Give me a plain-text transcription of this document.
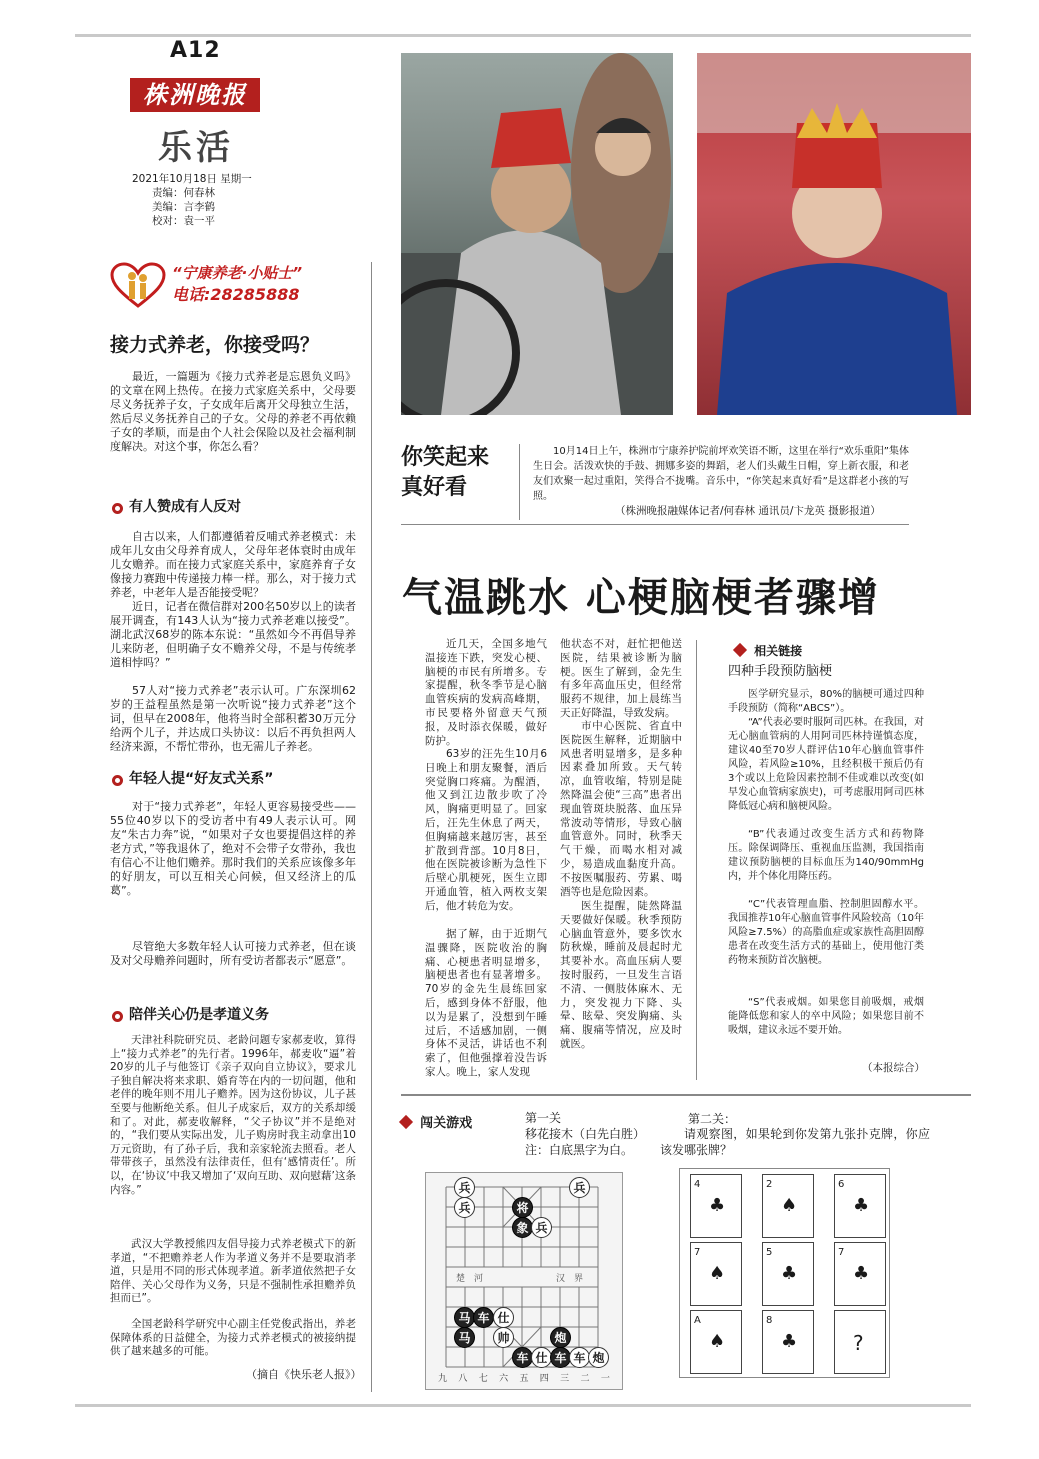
A12
株洲晚报
乐活
2021年10月18日 星期一
责编：何春林
美编：言李鹤
校对：袁一平
“宁康养老·小贴士”
电话:28285888
接力式养老，你接受吗？

最近，一篇题为《接力式养老是忘恩负义吗》的文章在网上热传。在接力式家庭关系中，父母要尽义务抚养子女，子女成年后离开父母独立生活，然后尽义务抚养自己的子女。父母的养老不再依赖子女的孝顺，而是由个人社会保险以及社会福利制度解决。对这个事，你怎么看？

有人赞成有人反对

自古以来，人们都遵循着反哺式养老模式：未成年儿女由父母养育成人，父母年老体衰时由成年儿女赡养。而在接力式家庭关系中，家庭养育子女像接力赛跑中传递接力棒一样。那么，对于接力式养老，中老年人是否能接受呢？

近日，记者在微信群对200名50岁以上的读者展开调查，有143人认为“接力式养老难以接受”。湖北武汉68岁的陈本东说：“虽然如今不再倡导养儿来防老，但明确子女不赡养父母，不是与传统孝道相悖吗？”

57人对“接力式养老”表示认可。广东深圳62岁的王益程虽然是第一次听说“接力式养老”这个词，但早在2008年，他将当时全部积蓄30万元分给两个儿子，并达成口头协议：以后不再负担两人经济来源，不帮忙带孙，也无需儿子养老。

年轻人提“好友式关系”

对于“接力式养老”，年轻人更容易接受些——55位40岁以下的受访者中有49人表示认可。网友“朱古力奔”说，“如果对子女也要提倡这样的养老方式，”等我退休了，绝对不会带子女带孙，我也有信心不让他们赡养。那时我们的关系应该像多年的好朋友，可以互相关心问候，但又经济上的瓜葛”。

尽管绝大多数年轻人认可接力式养老，但在谈及对父母赡养问题时，所有受访者都表示“愿意”。

陪伴关心仍是孝道义务

天津社科院研究员、老龄问题专家郝麦收，算得上“接力式养老”的先行者。1996年，郝麦收“逼”着20岁的儿子与他签订《亲子双向自立协议》，要求儿子独自解决将来求职、婚育等在内的一切问题，他和老伴的晚年则不用儿子赡养。因为这份协议，儿子甚至要与他断绝关系。但儿子成家后，双方的关系却缓和了。对此，郝麦收解释，“父子协议”并不是绝对的，“我们要从实际出发，儿子购房时我主动拿出10万元资助，有了孙子后，我和亲家轮流去照看。老人带带孩子，虽然没有法律责任，但有‘感情责任’。所以，在‘协议’中我又增加了‘双向互助、双向慰藉’这条内容。”

武汉大学教授熊四友倡导接力式养老模式下的新孝道，“不把赡养老人作为孝道义务并不是要取消孝道，只是用不同的形式体现孝道。新孝道依然把子女陪伴、关心父母作为义务，只是不强制性承担赡养负担而已”。

全国老龄科学研究中心副主任党俊武指出，养老保障体系的日益健全，为接力式养老模式的被接纳提供了越来越多的可能。

（摘自《快乐老人报》）
你笑起来
真好看

10月14日上午，株洲市宁康养护院前坪欢笑语不断，这里在举行“欢乐重阳”集体生日会。活泼欢快的手鼓、拥娜多姿的舞蹈，老人们头戴生日帽，穿上新衣服，和老友们欢聚一起过重阳，笑得合不拢嘴。音乐中，“你笑起来真好看”是这群老小孩的写照。

（株洲晚报融媒体记者/何春林 通讯员/卞龙英 摄影报道）
气温跳水 心梗脑梗者骤增

近几天，全国多地气温接连下跌，突发心梗、脑梗的市民有所增多。专家提醒，秋冬季节是心脑血管疾病的发病高峰期，市民要格外留意天气预报，及时添衣保暖，做好防护。

63岁的汪先生10月6日晚上和朋友聚餐，酒后突觉胸口疼痛。为醒酒，他又到江边散步吹了冷风，胸痛更明显了。回家后，汪先生休息了两天，但胸痛越来越厉害，甚至扩散到背部。10月8日，他在医院被诊断为急性下后壁心肌梗死，医生立即开通血管，植入两枚支架后，他才转危为安。

据了解，由于近期气温骤降，医院收治的胸痛、心梗患者明显增多，脑梗患者也有显著增多。70岁的金先生晨练回家后，感到身体不舒服，他以为是累了，没想到午睡过后，不适感加剧，一侧身体不灵活，讲话也不利索了，但他强撑着没告诉家人。晚上，家人发现

他状态不对，赶忙把他送医院，结果被诊断为脑梗。医生了解到，金先生有多年高血压史，但经常服药不规律，加上晨练当天正好降温，导致发病。

市中心医院、省直中医院医生解释，近期脑中风患者明显增多，是多种因素叠加所致。天气转凉，血管收缩，特别是陡然降温会使“三高”患者出现血管斑块脱落、血压异常波动等情形，导致心脑血管意外。同时，秋季天气干燥，而喝水相对减少，易造成血黏度升高。不按医嘱服药、劳累、喝酒等也是危险因素。

医生提醒，陡然降温天要做好保暖。秋季预防心脑血管意外，要多饮水防秋燥，睡前及晨起时尤其要补水。高血压病人要按时服药，一旦发生言语不清、一侧肢体麻木、无力，突发视力下降、头晕、眩晕、突发胸痛、头痛、腹痛等情况，应及时就医。

相关链接
四种手段预防脑梗

医学研究显示，80%的脑梗可通过四种手段预防（简称“ABCS”）。

“A”代表必要时服阿司匹林。在我国，对无心脑血管病的人用阿司匹林持谨慎态度，建议40至70岁人群评估10年心脑血管事件风险，若风险≥10%，且经积极干预后仍有3个或以上危险因素控制不佳或难以改变(如早发心血管病家族史)，可考虑服用阿司匹林降低冠心病和脑梗风险。

“B”代表通过改变生活方式和药物降压。除保调降压、重视血压监测，我国指南建议预防脑梗的目标血压为140/90mmHg内，并个体化用降压药。

“C”代表管理血脂、控制胆固醇水平。我国推荐10年心脑血管事件风险较高（10年风险≥7.5%）的高脂血症或家族性高胆固醇患者在改变生活方式的基础上，使用他汀类药物来预防首次脑梗。

“S”代表戒烟。如果您目前吸烟，戒烟能降低您和家人的卒中风险；如果您目前不吸烟，建议永远不要开始。

（本报综合）
闯关游戏	第一关
移花接木（白先白胜）
注：白底黑字为白。
第二关：

请观察图，如果轮到你发第九张扑克牌，你应该发哪张牌？

楚　河	汉　界
九 八 七 六 五 四 三 二 一
兵
兵
兵
将
象 兵
马 车 仕
马	帅	炮
车 仕 车 车 炮
4
♣
2
♠
6
♣
7
♠
5
♣
7
♣
A
♠
8
♣	?
